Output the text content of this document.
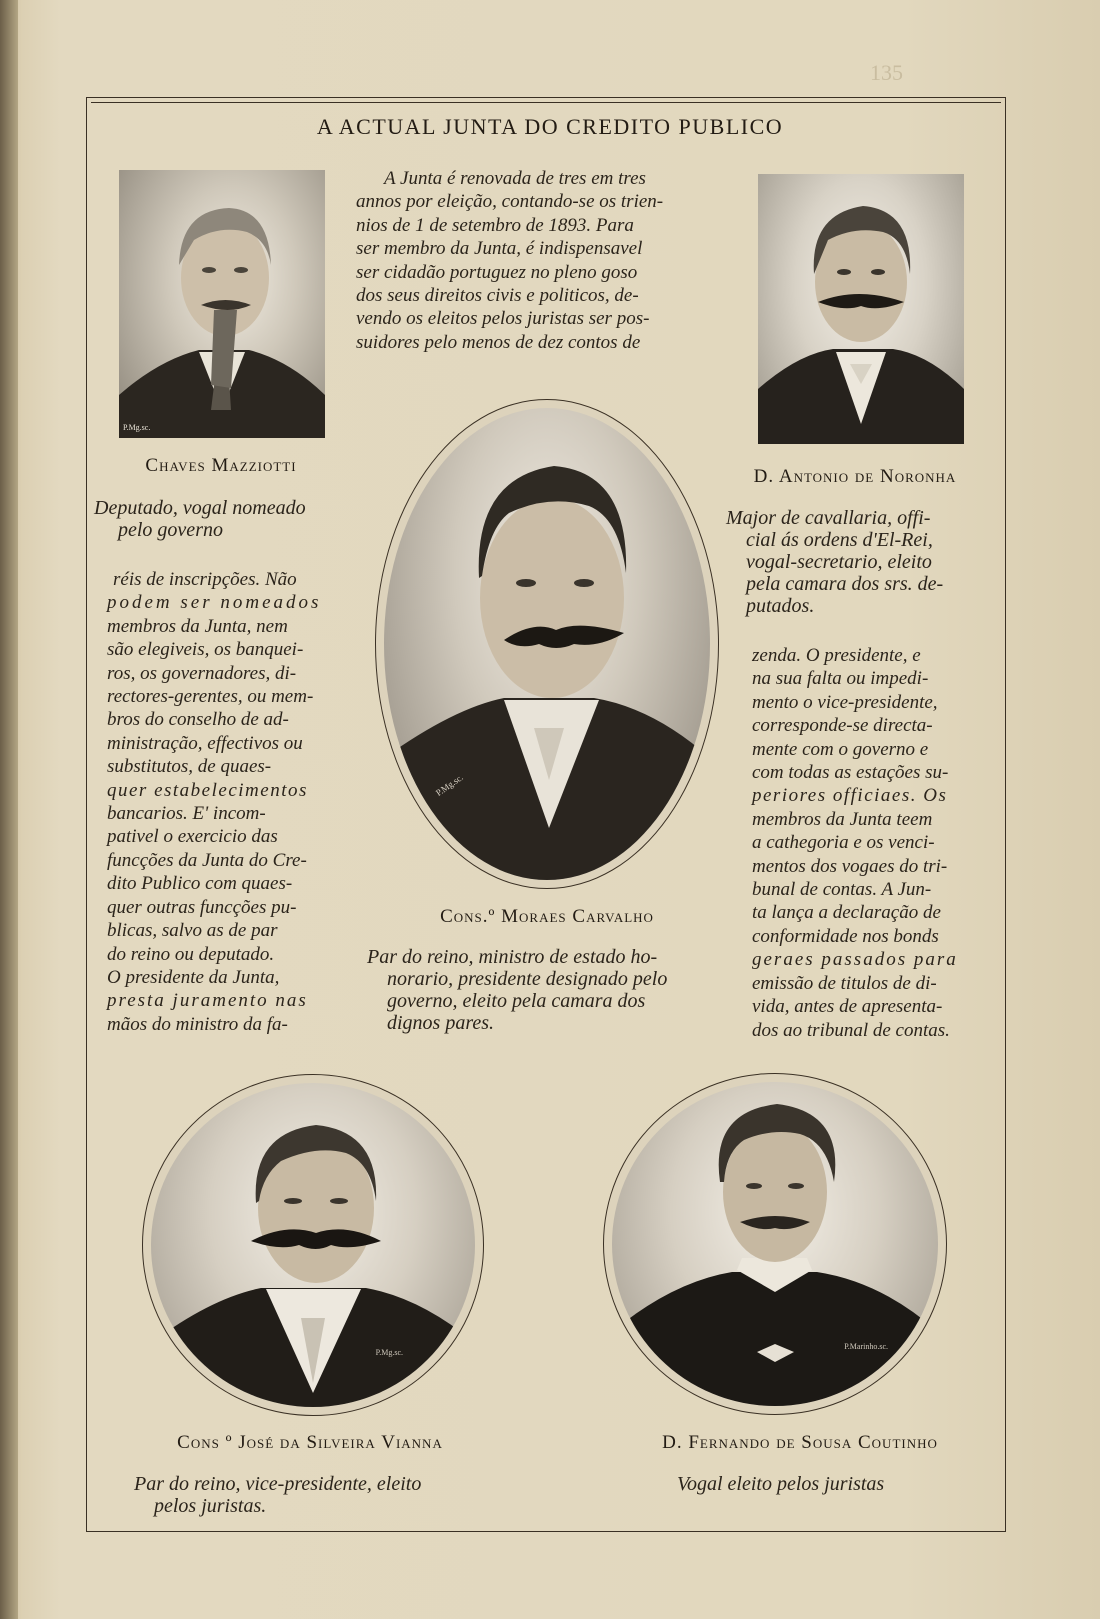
135
A ACTUAL JUNTA DO CREDITO PUBLICO
A Junta é renovada de tres em tres
annos por eleição, contando-se os trien-
nios de 1 de setembro de 1893. Para
ser membro da Junta, é indispensavel
ser cidadão portuguez no pleno goso
dos seus direitos civis e politicos, de-
vendo os eleitos pelos juristas ser pos-
suidores pelo menos de dez contos de
P.Mg.sc.
Chaves Mazziotti
Deputado, vogal nomeado
pelo governo
D. Antonio de Noronha
Major de cavallaria, offi-
cial ás ordens d'El-Rei,
vogal-secretario, eleito
pela camara dos srs. de-
putados.
réis de inscripções. Não
podem ser nomeados
membros da Junta, nem
são elegiveis, os banquei-
ros, os governadores, di-
rectores-gerentes, ou mem-
bros do conselho de ad-
ministração, effectivos ou
substitutos, de quaes-
quer estabelecimentos
bancarios. E' incom-
pativel o exercicio das
funcções da Junta do Cre-
dito Publico com quaes-
quer outras funcções pu-
blicas, salvo as de par
do reino ou deputado.
O presidente da Junta,
presta juramento nas
mãos do ministro da fa-
P.Mg.sc.
Cons.º Moraes Carvalho
Par do reino, ministro de estado ho-
norario, presidente designado pelo
governo, eleito pela camara dos
dignos pares.
zenda. O presidente, e
na sua falta ou impedi-
mento o vice-presidente,
corresponde-se directa-
mente com o governo e
com todas as estações su-
periores officiaes. Os
membros da Junta teem
a cathegoria e os venci-
mentos dos vogaes do tri-
bunal de contas. A Jun-
ta lança a declaração de
conformidade nos bonds
geraes passados para
emissão de titulos de di-
vida, antes de apresenta-
dos ao tribunal de contas.
P.Mg.sc.
Cons º José da Silveira Vianna
Par do reino, vice-presidente, eleito
pelos juristas.
P.Marinho.sc.
D. Fernando de Sousa Coutinho
Vogal eleito pelos juristas
